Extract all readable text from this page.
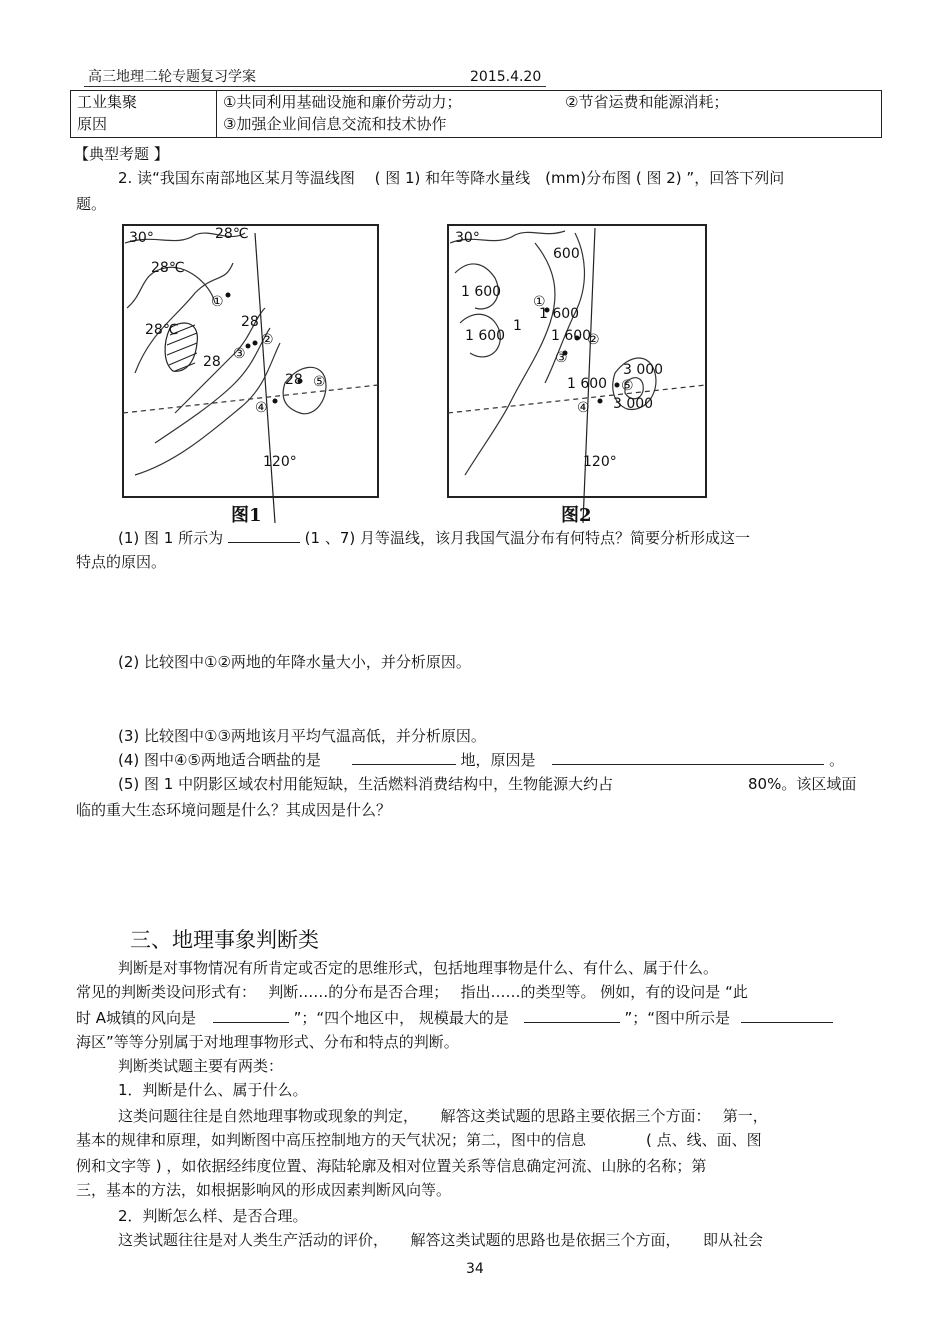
高三地理二轮专题复习学案	2015.4.20
工业集聚
原因

①共同利用基础设施和廉价劳动力；	②节省运费和能源消耗；
③加强企业间信息交流和技术协作
【典型考题 】
2. 读“我国东南部地区某月等温线图　 ( 图 1) 和年等降水量线　(mm)分布图 ( 图 2) ”，回答下列问
题。
30°	28℃
28℃
28℃	28
28
28
①
②
③
④
⑤
120°
图1
30°
600
1 600
1 600
1 600	1 600
1 600
1
3 000
3 000
①
②
③
④
⑤
120°
图2
(1) 图 1 所示为	(1 、7) 月等温线，该月我国气温分布有何特点？简要分析形成这一
特点的原因。
(2) 比较图中①②两地的年降水量大小，并分析原因。
(3) 比较图中①③两地该月平均气温高低，并分析原因。
(4) 图中④⑤两地适合晒盐的是	地，原因是	。
(5) 图 1 中阴影区域农村用能短缺，生活燃料消费结构中，生物能源大约占	80%。该区域面
临的重大生态环境问题是什么？其成因是什么？
三、地理事象判断类
判断是对事物情况有所肯定或否定的思维形式，包括地理事物是什么、有什么、属于什么。
常见的判断类设问形式有：　 判断……的分布是否合理；　 指出……的类型等。 例如，有的设问是 “此
时 A城镇的风向是	”；“四个地区中， 规模最大的是	”；“图中所示是
海区”等等分别属于对地理事物形式、分布和特点的判断。
判断类试题主要有两类：
1．判断是什么、属于什么。
这类问题往往是自然地理事物或现象的判定，　　解答这类试题的思路主要依据三个方面：　 第一，
基本的规律和原理，如判断图中高压控制地方的天气状况；第二，图中的信息　　　　( 点、线、面、图
例和文字等 ) ，如依据经纬度位置、海陆轮廓及相对位置关系等信息确定河流、山脉的名称；第
三，基本的方法，如根据影响风的形成因素判断风向等。
2．判断怎么样、是否合理。
这类试题往往是对人类生产活动的评价，　　解答这类试题的思路也是依据三个方面，　　即从社会
34
